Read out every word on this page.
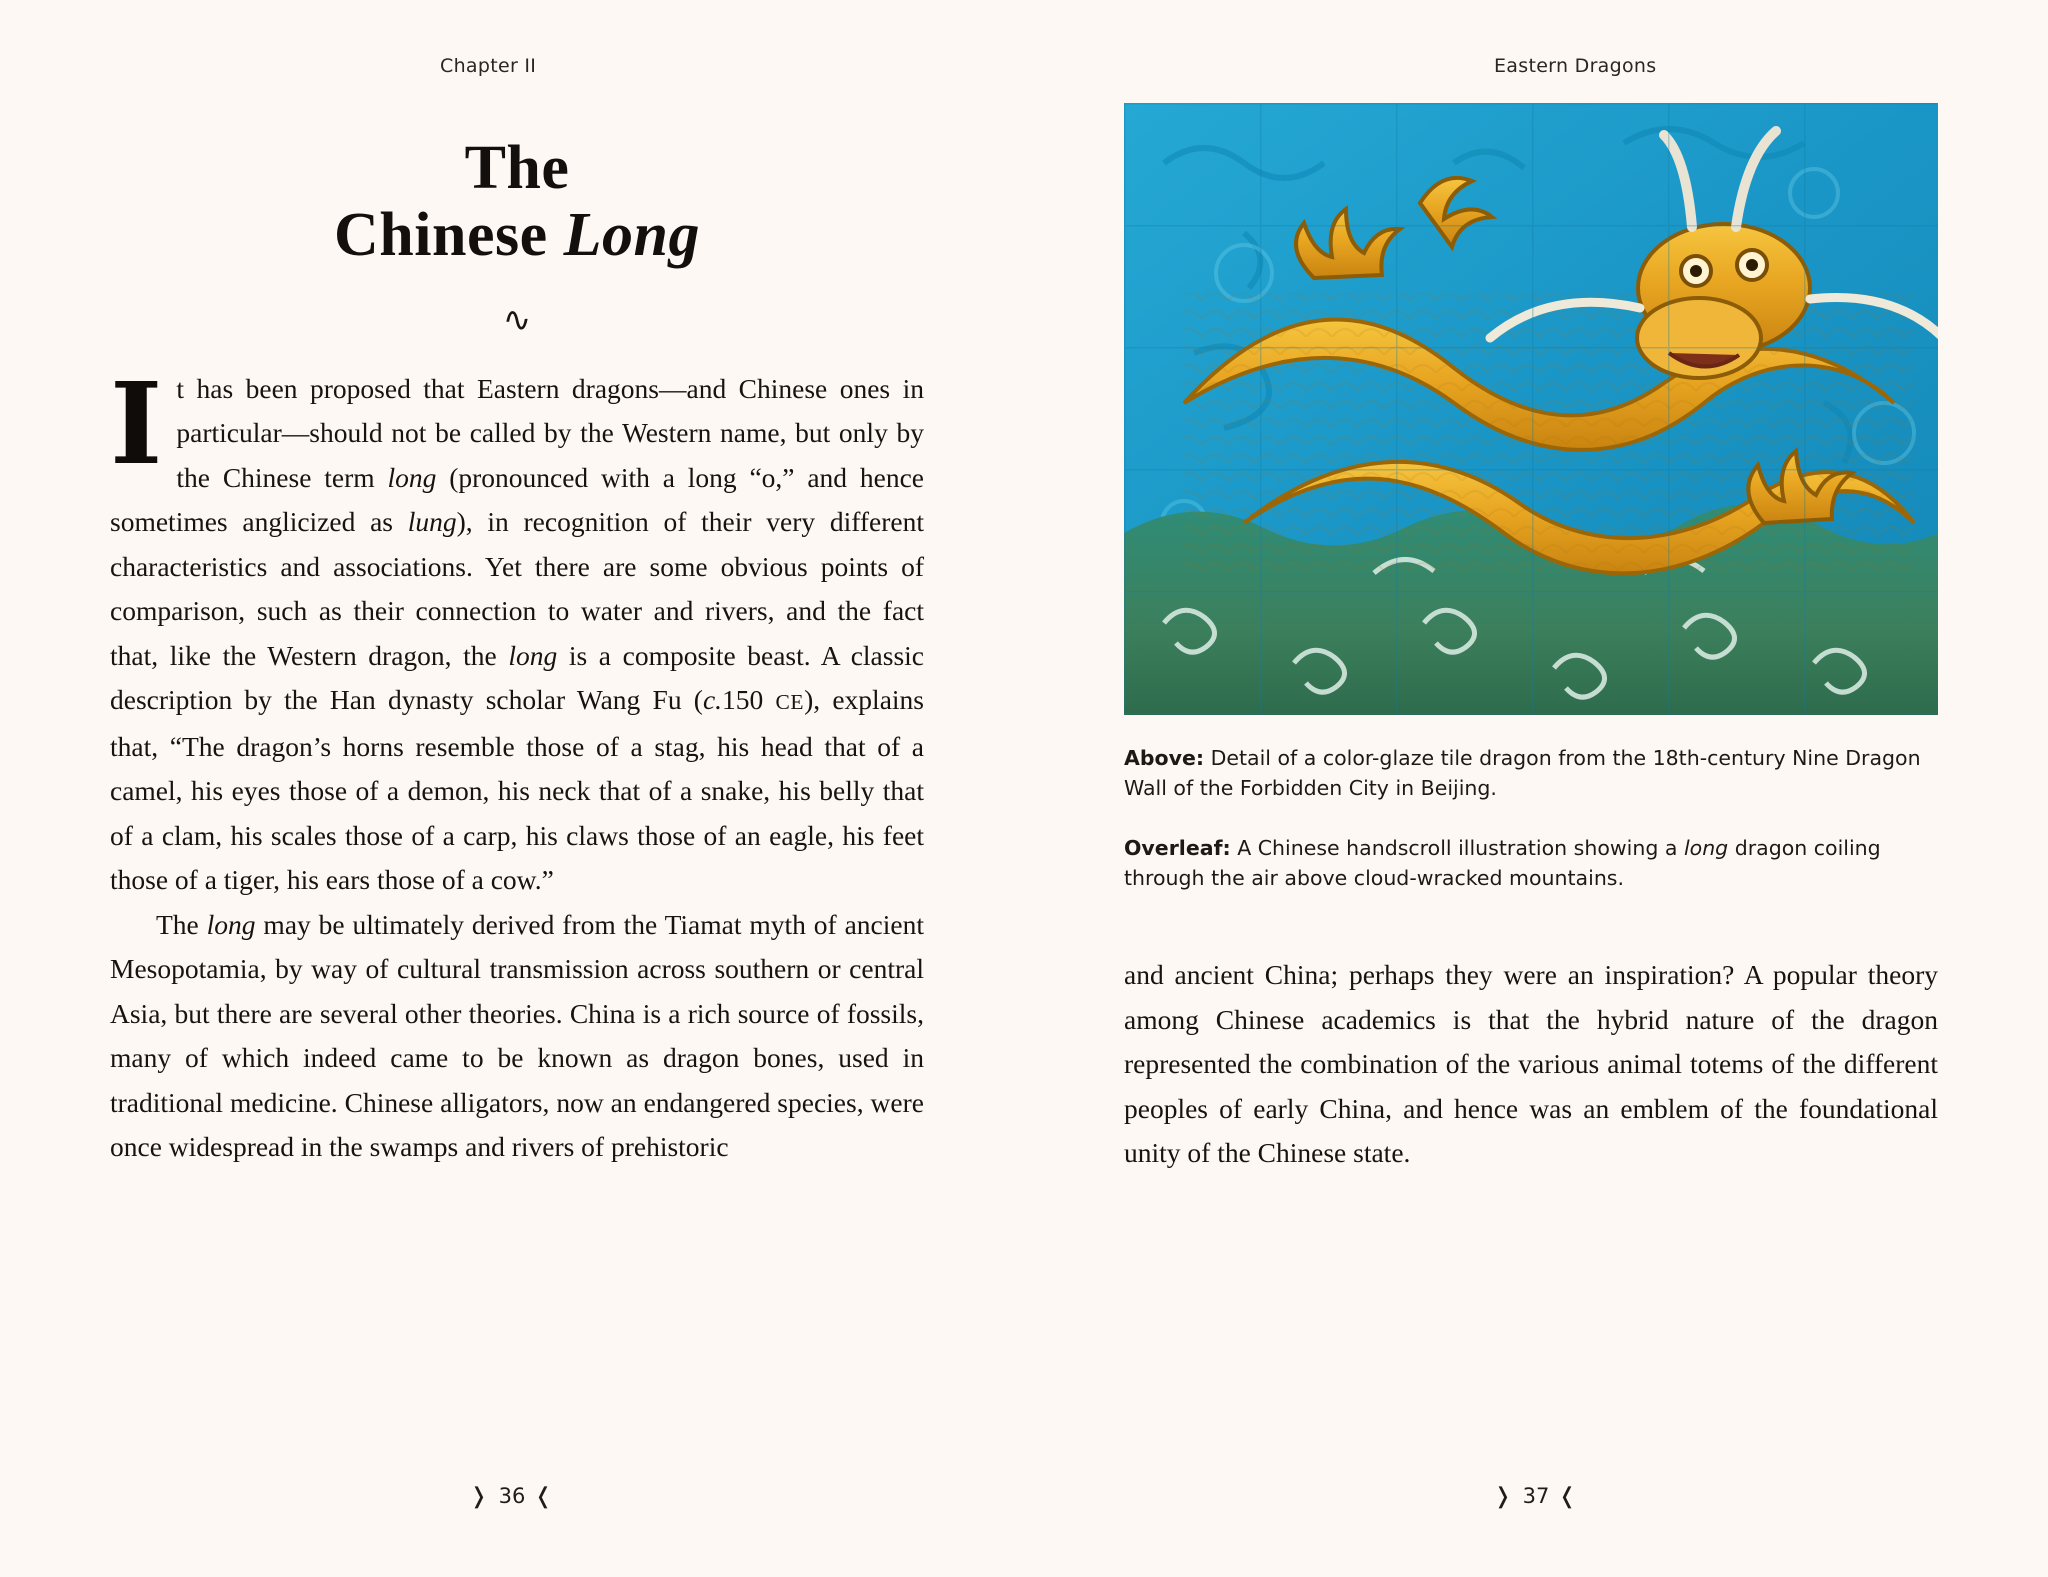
Chapter II
The
Chinese Long
∿

It has been proposed that Eastern dragons—and Chinese ones in particular—should not be called by the Western name, but only by the Chinese term long (pronounced with a long “o,” and hence sometimes anglicized as lung), in recognition of their very different characteristics and associations. Yet there are some obvious points of comparison, such as their connection to water and rivers, and the fact that, like the Western dragon, the long is a composite beast. A classic description by the Han dynasty scholar Wang Fu (c.150 CE), explains that, “The dragon’s horns resemble those of a stag, his head that of a camel, his eyes those of a demon, his neck that of a snake, his belly that of a clam, his scales those of a carp, his claws those of an eagle, his feet those of a tiger, his ears those of a cow.”

The long may be ultimately derived from the Tiamat myth of ancient Mesopotamia, by way of cultural transmission across southern or central Asia, but there are several other theories. China is a rich source of fossils, many of which indeed came to be known as dragon bones, used in traditional medicine. Chinese alligators, now an endangered species, were once widespread in the swamps and rivers of prehistoric

❭ 36 ❬
Eastern Dragons
Above: Detail of a color-glaze tile dragon from the 18th-century Nine Dragon Wall of the Forbidden City in Beijing.
Overleaf: A Chinese handscroll illustration showing a long dragon coiling through the air above cloud-wracked mountains.

and ancient China; perhaps they were an inspiration? A popular theory among Chinese academics is that the hybrid nature of the dragon represented the combination of the various animal totems of the different peoples of early China, and hence was an emblem of the foundational unity of the Chinese state.

❭ 37 ❬
